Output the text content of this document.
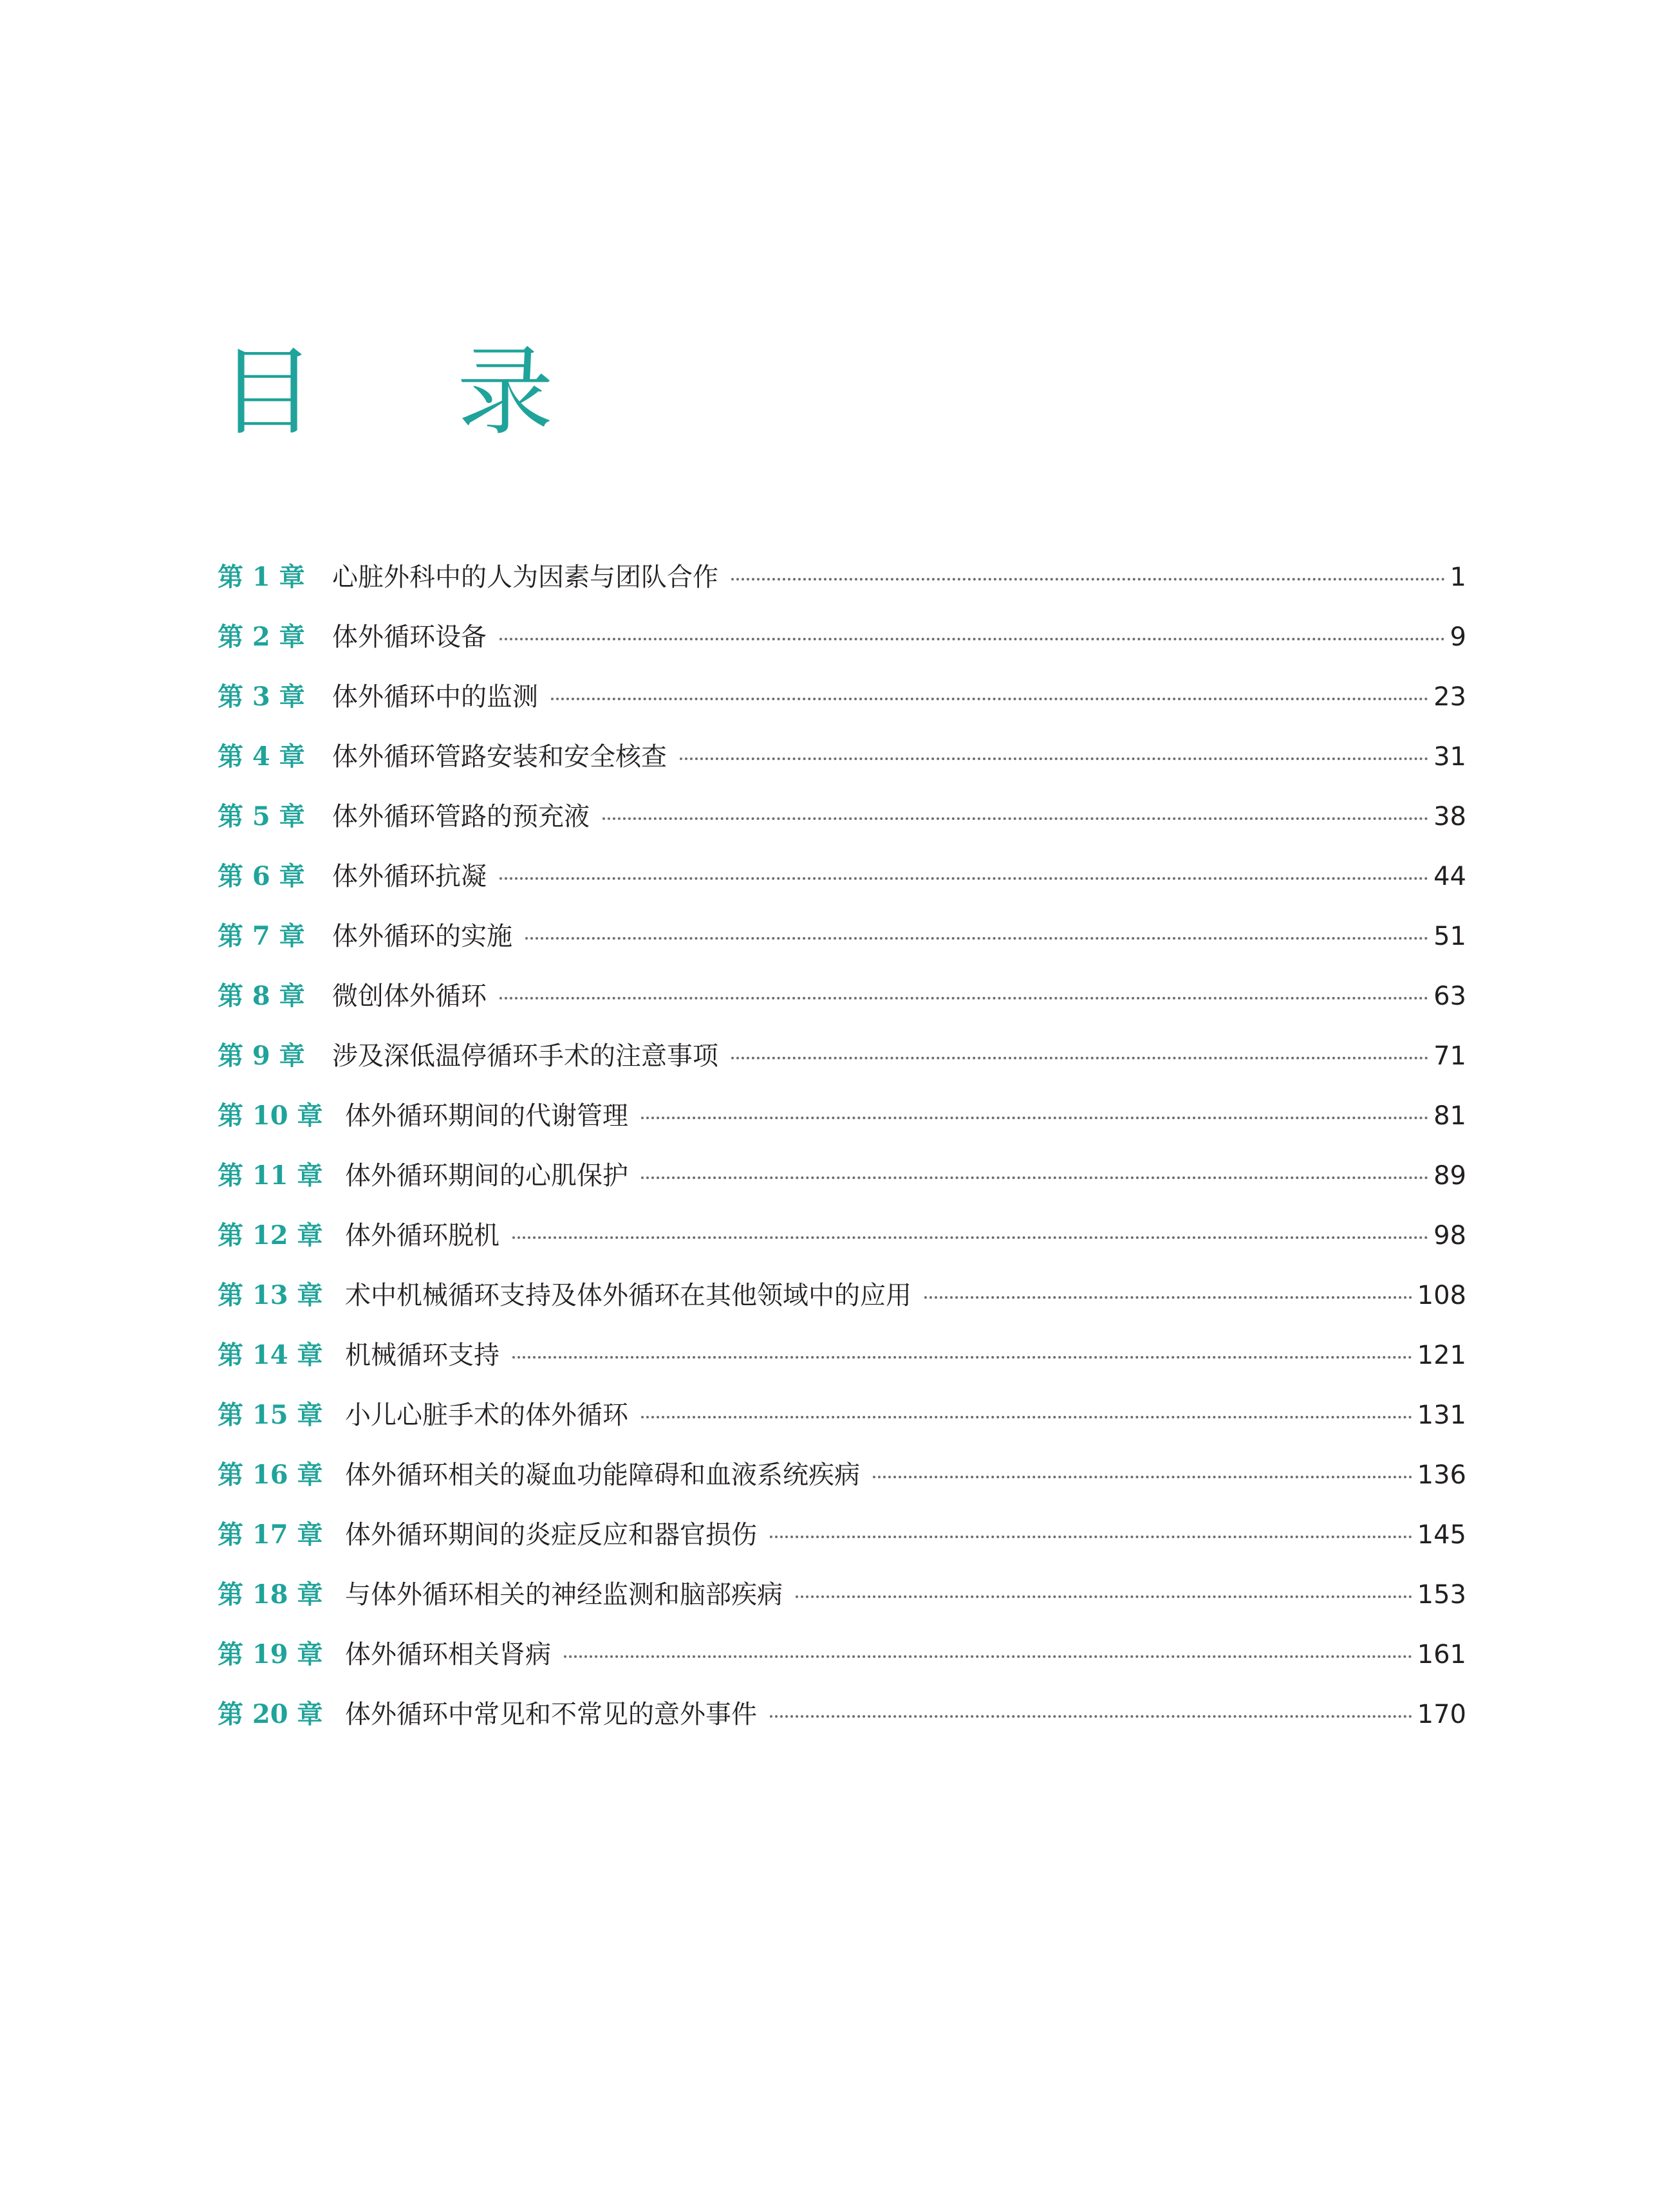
目 录
第 1 章	心脏外科中的人为因素与团队合作	1
第 2 章	体外循环设备	9
第 3 章	体外循环中的监测	23
第 4 章	体外循环管路安装和安全核查	31
第 5 章	体外循环管路的预充液	38
第 6 章	体外循环抗凝	44
第 7 章	体外循环的实施	51
第 8 章	微创体外循环	63
第 9 章	涉及深低温停循环手术的注意事项	71
第 10 章 体外循环期间的代谢管理	81
第 11 章 体外循环期间的心肌保护	89
第 12 章 体外循环脱机	98
第 13 章 术中机械循环支持及体外循环在其他领域中的应用	108
第 14 章 机械循环支持	121
第 15 章 小儿心脏手术的体外循环	131
第 16 章 体外循环相关的凝血功能障碍和血液系统疾病	136
第 17 章 体外循环期间的炎症反应和器官损伤	145
第 18 章 与体外循环相关的神经监测和脑部疾病	153
第 19 章 体外循环相关肾病	161
第 20 章 体外循环中常见和不常见的意外事件	170
